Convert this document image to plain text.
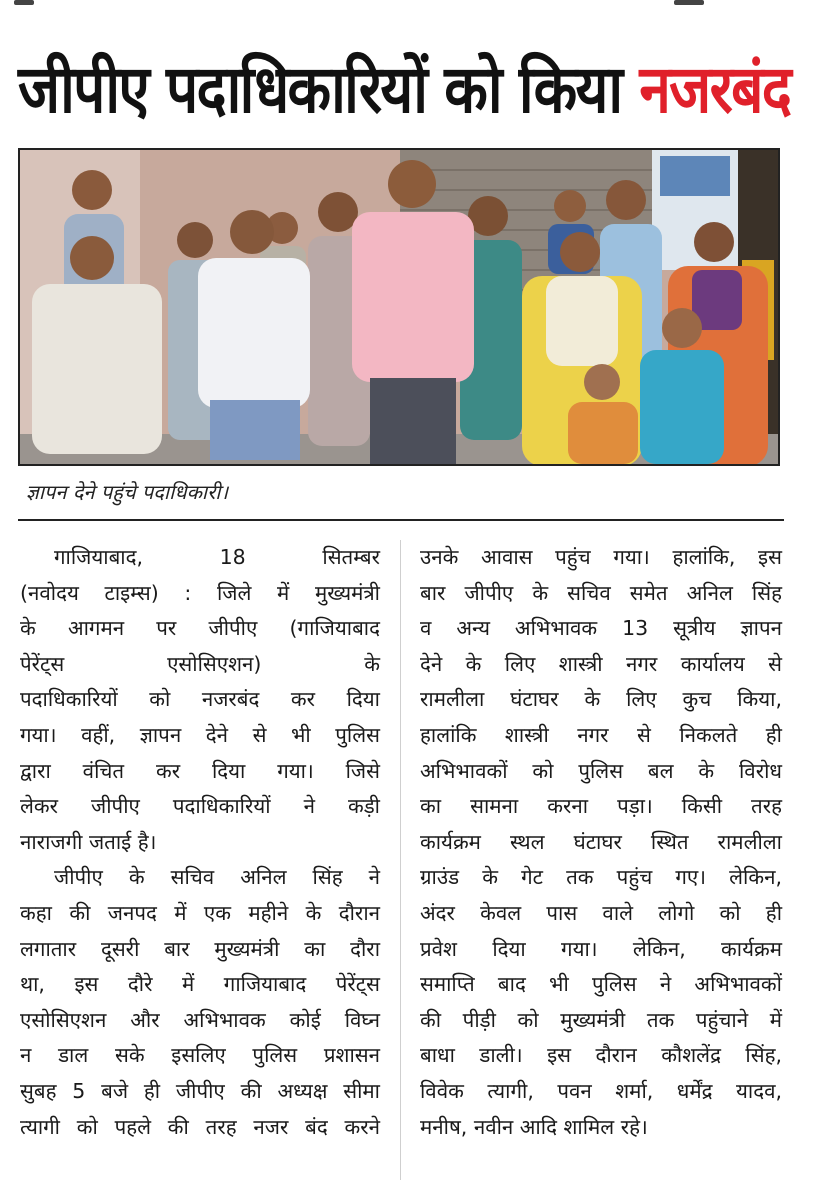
जीपीए पदाधिकारियों को किया नजरबंद
ज्ञापन देने पहुंचे पदाधिकारी।
गाजियाबाद, 18 सितम्बर
(नवोदय टाइम्स) : जिले में मुख्यमंत्री
के आगमन पर जीपीए (गाजियाबाद
पेरेंट्स एसोसिएशन) के
पदाधिकारियों को नजरबंद कर दिया
गया। वहीं, ज्ञापन देने से भी पुलिस
द्वारा वंचित कर दिया गया। जिसे
लेकर जीपीए पदाधिकारियों ने कड़ी
नाराजगी जताई है।
जीपीए के सचिव अनिल सिंह ने
कहा की जनपद में एक महीने के दौरान
लगातार दूसरी बार मुख्यमंत्री का दौरा
था, इस दौरे में गाजियाबाद पेरेंट्स
एसोसिएशन और अभिभावक कोई विघ्न
न डाल सके इसलिए पुलिस प्रशासन
सुबह 5 बजे ही जीपीए की अध्यक्ष सीमा
त्यागी को पहले की तरह नजर बंद करने
उनके आवास पहुंच गया। हालांकि, इस
बार जीपीए के सचिव समेत अनिल सिंह
व अन्य अभिभावक 13 सूत्रीय ज्ञापन
देने के लिए शास्त्री नगर कार्यालय से
रामलीला घंटाघर के लिए कुच किया,
हालांकि शास्त्री नगर से निकलते ही
अभिभावकों को पुलिस बल के विरोध
का सामना करना पड़ा। किसी तरह
कार्यक्रम स्थल घंटाघर स्थित रामलीला
ग्राउंड के गेट तक पहुंच गए। लेकिन,
अंदर केवल पास वाले लोगो को ही
प्रवेश दिया गया। लेकिन, कार्यक्रम
समाप्ति बाद भी पुलिस ने अभिभावकों
की पीड़ी को मुख्यमंत्री तक पहुंचाने में
बाधा डाली। इस दौरान कौशलेंद्र सिंह,
विवेक त्यागी, पवन शर्मा, धर्मेंद्र यादव,
मनीष, नवीन आदि शामिल रहे।
